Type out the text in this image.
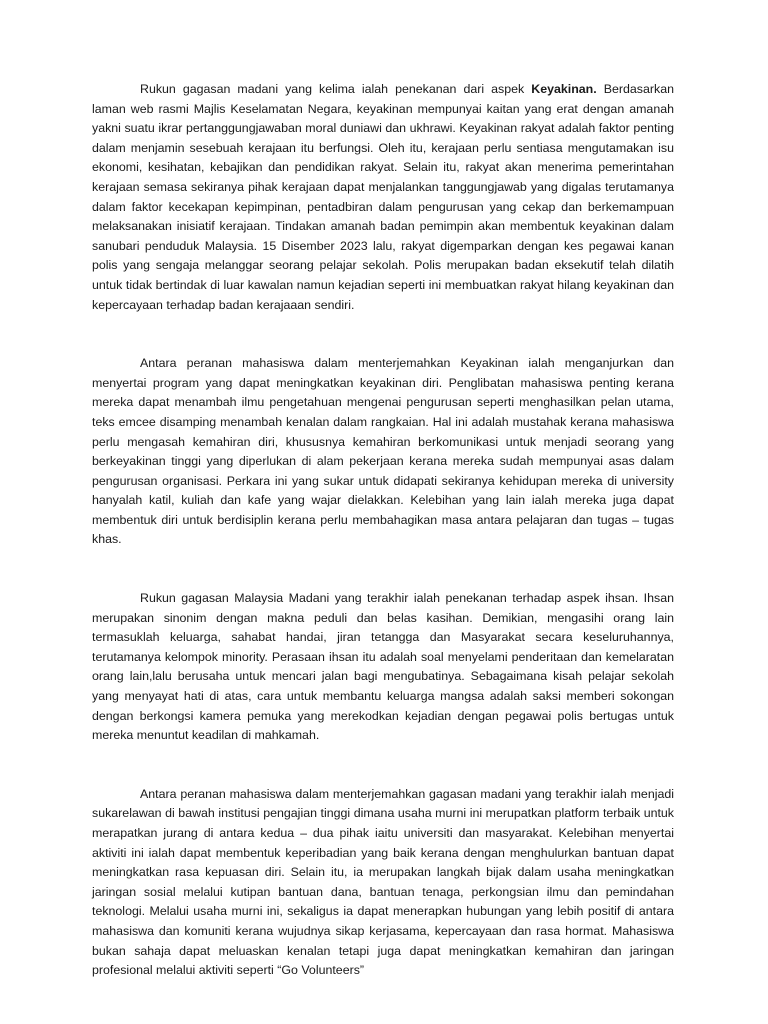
Rukun gagasan madani yang kelima ialah penekanan dari aspek Keyakinan. Berdasarkan laman web rasmi Majlis Keselamatan Negara, keyakinan mempunyai kaitan yang erat dengan amanah yakni suatu ikrar pertanggungjawaban moral duniawi dan ukhrawi. Keyakinan rakyat adalah faktor penting dalam menjamin sesebuah kerajaan itu berfungsi. Oleh itu, kerajaan perlu sentiasa mengutamakan isu ekonomi, kesihatan, kebajikan dan pendidikan rakyat. Selain itu, rakyat akan menerima pemerintahan kerajaan semasa sekiranya pihak kerajaan dapat menjalankan tanggungjawab yang digalas terutamanya dalam faktor kecekapan kepimpinan, pentadbiran dalam pengurusan yang cekap dan berkemampuan melaksanakan inisiatif kerajaan. Tindakan amanah badan pemimpin akan membentuk keyakinan dalam sanubari penduduk Malaysia. 15 Disember 2023 lalu, rakyat digemparkan dengan kes pegawai kanan polis yang sengaja melanggar seorang pelajar sekolah. Polis merupakan badan eksekutif telah dilatih untuk tidak bertindak di luar kawalan namun kejadian seperti ini membuatkan rakyat hilang keyakinan dan kepercayaan terhadap badan kerajaaan sendiri.

Antara peranan mahasiswa dalam menterjemahkan Keyakinan ialah menganjurkan dan menyertai program yang dapat meningkatkan keyakinan diri. Penglibatan mahasiswa penting kerana mereka dapat menambah ilmu pengetahuan mengenai pengurusan seperti menghasilkan pelan utama, teks emcee disamping menambah kenalan dalam rangkaian. Hal ini adalah mustahak kerana mahasiswa perlu mengasah kemahiran diri, khususnya kemahiran berkomunikasi untuk menjadi seorang yang berkeyakinan tinggi yang diperlukan di alam pekerjaan kerana mereka sudah mempunyai asas dalam pengurusan organisasi. Perkara ini yang sukar untuk didapati sekiranya kehidupan mereka di university hanyalah katil, kuliah dan kafe yang wajar dielakkan. Kelebihan yang lain ialah mereka juga dapat membentuk diri untuk berdisiplin kerana perlu membahagikan masa antara pelajaran dan tugas – tugas khas.

Rukun gagasan Malaysia Madani yang terakhir ialah penekanan terhadap aspek ihsan. Ihsan merupakan sinonim dengan makna peduli dan belas kasihan. Demikian, mengasihi orang lain termasuklah keluarga, sahabat handai, jiran tetangga dan Masyarakat secara keseluruhannya, terutamanya kelompok minority. Perasaan ihsan itu adalah soal menyelami penderitaan dan kemelaratan orang lain,lalu berusaha untuk mencari jalan bagi mengubatinya. Sebagaimana kisah pelajar sekolah yang menyayat hati di atas, cara untuk membantu keluarga mangsa adalah saksi memberi sokongan dengan berkongsi kamera pemuka yang merekodkan kejadian dengan pegawai polis bertugas untuk mereka menuntut keadilan di mahkamah.

Antara peranan mahasiswa dalam menterjemahkan gagasan madani yang terakhir ialah menjadi sukarelawan di bawah institusi pengajian tinggi dimana usaha murni ini merupatkan platform terbaik untuk merapatkan jurang di antara kedua – dua pihak iaitu universiti dan masyarakat. Kelebihan menyertai aktiviti ini ialah dapat membentuk keperibadian yang baik kerana dengan menghulurkan bantuan dapat meningkatkan rasa kepuasan diri. Selain itu, ia merupakan langkah bijak dalam usaha meningkatkan jaringan sosial melalui kutipan bantuan dana, bantuan tenaga, perkongsian ilmu dan pemindahan teknologi. Melalui usaha murni ini, sekaligus ia dapat menerapkan hubungan yang lebih positif di antara mahasiswa dan komuniti kerana wujudnya sikap kerjasama, kepercayaan dan rasa hormat. Mahasiswa bukan sahaja dapat meluaskan kenalan tetapi juga dapat meningkatkan kemahiran dan jaringan profesional melalui aktiviti seperti “Go Volunteers”
